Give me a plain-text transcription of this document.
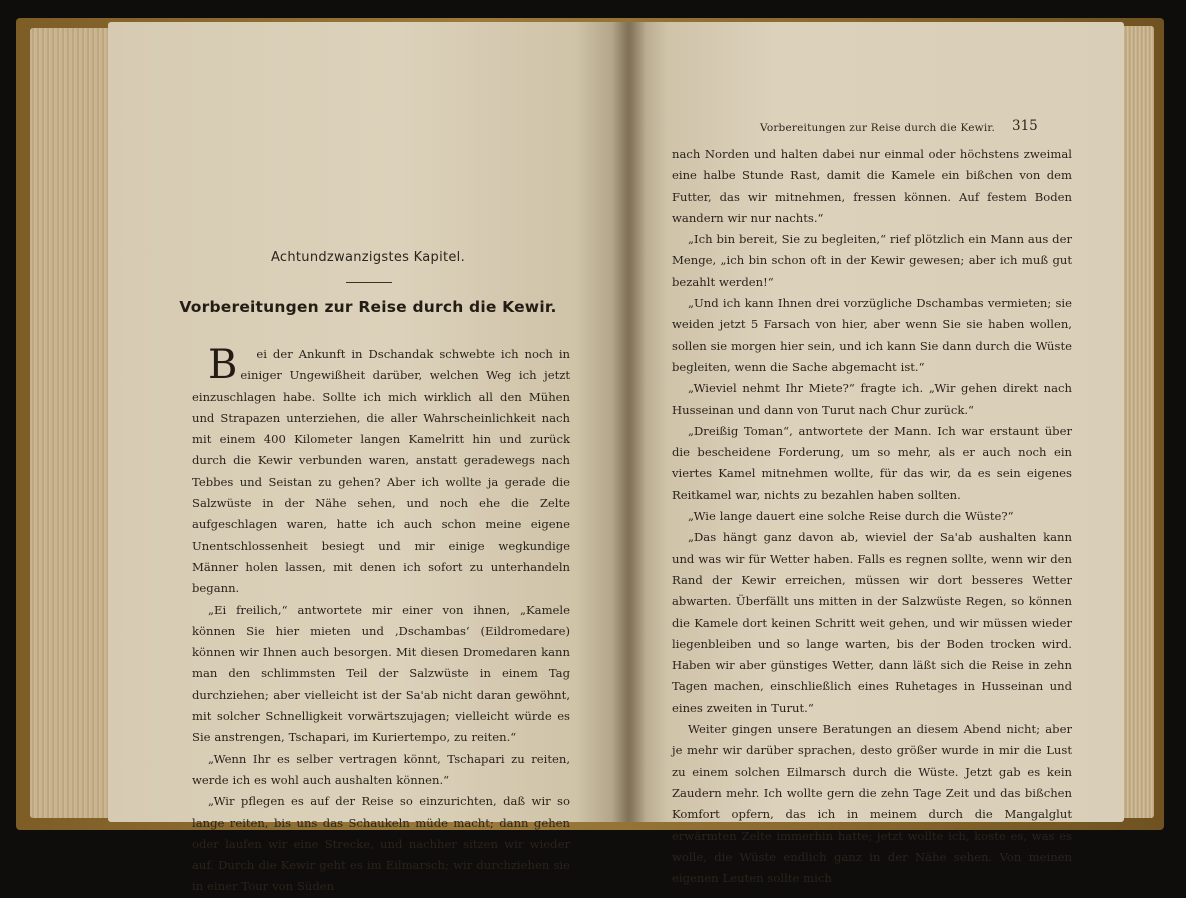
Achtundzwanzigstes Kapitel.
Vorbereitungen zur Reise durch die Kewir.

B ei der Ankunft in Dschandak schwebte ich noch in einiger Ungewißheit darüber, welchen Weg ich jetzt einzuschlagen habe. Sollte ich mich wirklich all den Mühen und Strapazen unterziehen, die aller Wahrscheinlichkeit nach mit einem 400 Kilometer langen Kamelritt hin und zurück durch die Kewir verbunden waren, anstatt geradewegs nach Tebbes und Seistan zu gehen? Aber ich wollte ja gerade die Salzwüste in der Nähe sehen, und noch ehe die Zelte aufgeschlagen waren, hatte ich auch schon meine eigene Unentschlossenheit besiegt und mir einige wegkundige Männer holen lassen, mit denen ich sofort zu unterhandeln begann.

„Ei freilich,“ antwortete mir einer von ihnen, „Kamele können Sie hier mieten und ‚Dschambas‘ (Eildromedare) können wir Ihnen auch besorgen. Mit diesen Dromedaren kann man den schlimmsten Teil der Salzwüste in einem Tag durchziehen; aber vielleicht ist der Sa'ab nicht daran gewöhnt, mit solcher Schnelligkeit vorwärtszujagen; vielleicht würde es Sie anstrengen, Tschapari, im Kuriertempo, zu reiten.“

„Wenn Ihr es selber vertragen könnt, Tschapari zu reiten, werde ich es wohl auch aushalten können.“

„Wir pflegen es auf der Reise so einzurichten, daß wir so lange reiten, bis uns das Schaukeln müde macht; dann gehen oder laufen wir eine Strecke, und nachher sitzen wir wieder auf. Durch die Kewir geht es im Eilmarsch; wir durchziehen sie in einer Tour von Süden

Vorbereitungen zur Reise durch die Kewir. 315

nach Norden und halten dabei nur einmal oder höchstens zweimal eine halbe Stunde Rast, damit die Kamele ein bißchen von dem Futter, das wir mitnehmen, fressen können. Auf festem Boden wandern wir nur nachts.“

„Ich bin bereit, Sie zu begleiten,“ rief plötzlich ein Mann aus der Menge, „ich bin schon oft in der Kewir gewesen; aber ich muß gut bezahlt werden!“

„Und ich kann Ihnen drei vorzügliche Dschambas vermieten; sie weiden jetzt 5 Farsach von hier, aber wenn Sie sie haben wollen, sollen sie morgen hier sein, und ich kann Sie dann durch die Wüste begleiten, wenn die Sache abgemacht ist.“

„Wieviel nehmt Ihr Miete?“ fragte ich. „Wir gehen direkt nach Husseinan und dann von Turut nach Chur zurück.“

„Dreißig Toman“, antwortete der Mann. Ich war erstaunt über die bescheidene Forderung, um so mehr, als er auch noch ein viertes Kamel mitnehmen wollte, für das wir, da es sein eigenes Reitkamel war, nichts zu bezahlen haben sollten.

„Wie lange dauert eine solche Reise durch die Wüste?“

„Das hängt ganz davon ab, wieviel der Sa'ab aushalten kann und was wir für Wetter haben. Falls es regnen sollte, wenn wir den Rand der Kewir erreichen, müssen wir dort besseres Wetter abwarten. Überfällt uns mitten in der Salzwüste Regen, so können die Kamele dort keinen Schritt weit gehen, und wir müssen wieder liegenbleiben und so lange warten, bis der Boden trocken wird. Haben wir aber günstiges Wetter, dann läßt sich die Reise in zehn Tagen machen, einschließlich eines Ruhetages in Husseinan und eines zweiten in Turut.“

Weiter gingen unsere Beratungen an diesem Abend nicht; aber je mehr wir darüber sprachen, desto größer wurde in mir die Lust zu einem solchen Eilmarsch durch die Wüste. Jetzt gab es kein Zaudern mehr. Ich wollte gern die zehn Tage Zeit und das bißchen Komfort opfern, das ich in meinem durch die Mangalglut erwärmten Zelte immerhin hatte; jetzt wollte ich, koste es, was es wolle, die Wüste endlich ganz in der Nähe sehen. Von meinen eigenen Leuten sollte mich
